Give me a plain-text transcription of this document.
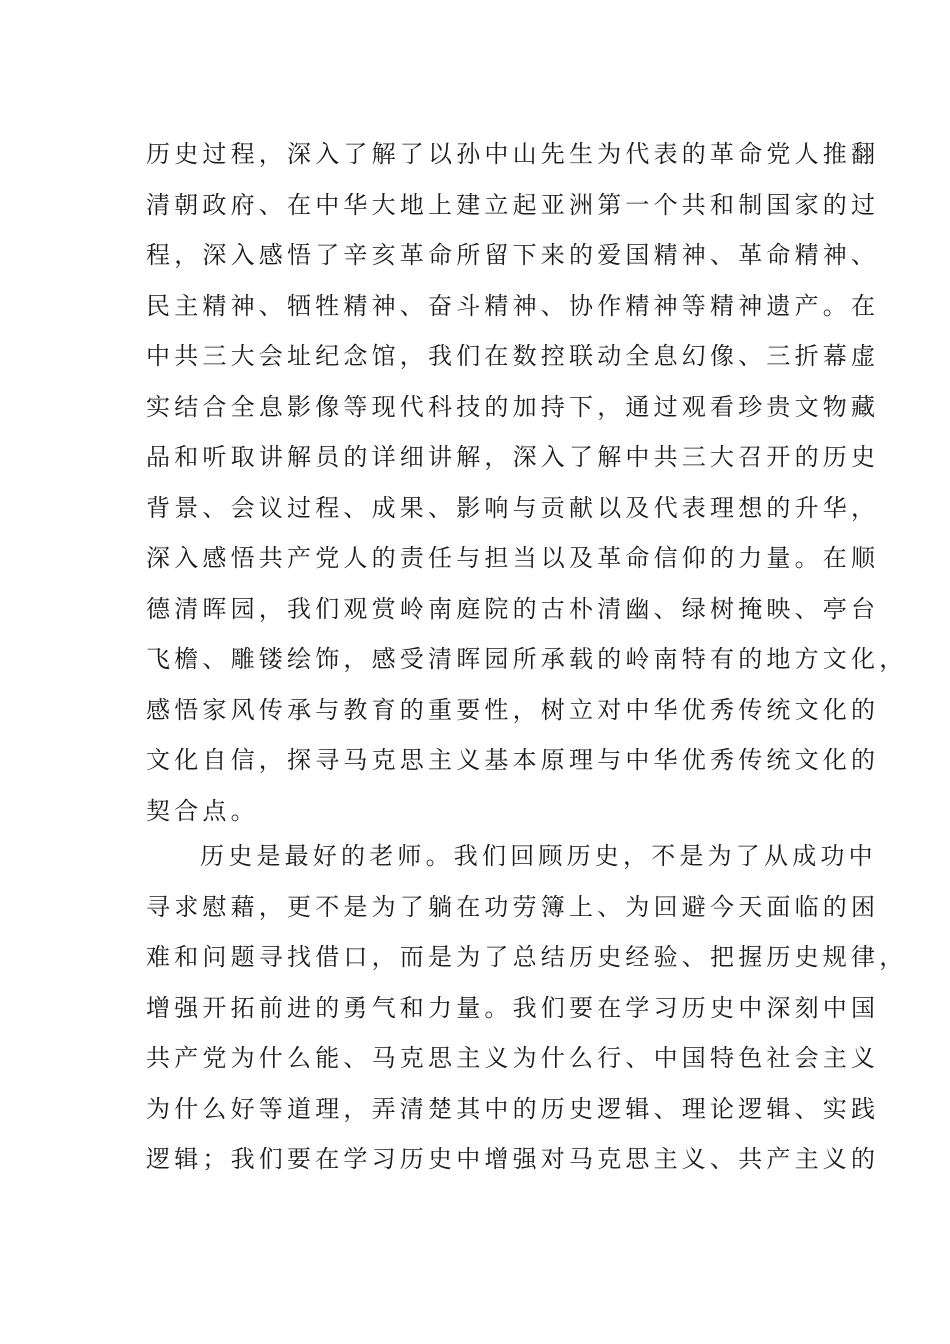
历史过程，深入了解了以孙中山先生为代表的革命党人推翻
清朝政府、在中华大地上建立起亚洲第一个共和制国家的过
程，深入感悟了辛亥革命所留下来的爱国精神、革命精神、
民主精神、牺牲精神、奋斗精神、协作精神等精神遗产。在
中共三大会址纪念馆，我们在数控联动全息幻像、三折幕虚
实结合全息影像等现代科技的加持下，通过观看珍贵文物藏
品和听取讲解员的详细讲解，深入了解中共三大召开的历史
背景、会议过程、成果、影响与贡献以及代表理想的升华，
深入感悟共产党人的责任与担当以及革命信仰的力量。在顺
德清晖园，我们观赏岭南庭院的古朴清幽、绿树掩映、亭台
飞檐、雕镂绘饰，感受清晖园所承载的岭南特有的地方文化，
感悟家风传承与教育的重要性，树立对中华优秀传统文化的
文化自信，探寻马克思主义基本原理与中华优秀传统文化的
契合点。
历史是最好的老师。我们回顾历史，不是为了从成功中
寻求慰藉，更不是为了躺在功劳簿上、为回避今天面临的困
难和问题寻找借口，而是为了总结历史经验、把握历史规律，
增强开拓前进的勇气和力量。我们要在学习历史中深刻中国
共产党为什么能、马克思主义为什么行、中国特色社会主义
为什么好等道理，弄清楚其中的历史逻辑、理论逻辑、实践
逻辑；我们要在学习历史中增强对马克思主义、共产主义的
